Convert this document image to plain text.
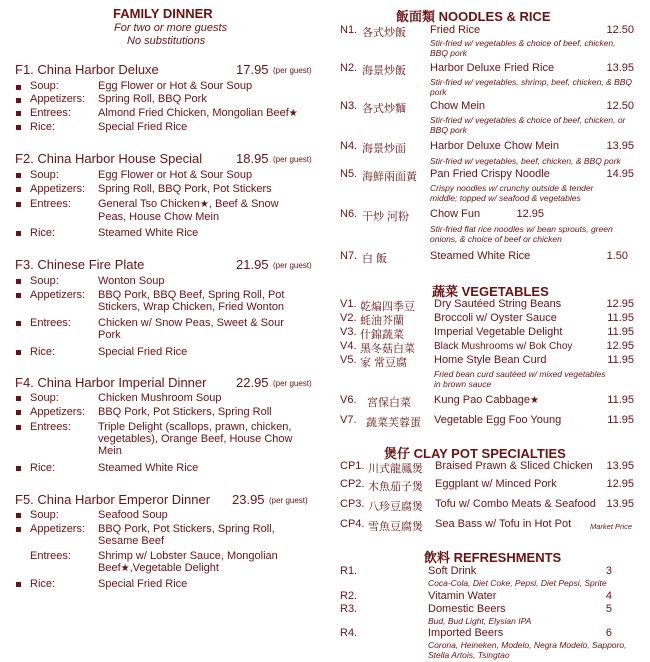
FAMILY DINNER
For two or more guests
No substitutions
F1. China Harbor Deluxe	17.95 (per guest)
Soup:	Egg Flower or Hot & Sour Soup
Appetizers: Spring Roll, BBQ Pork
Entrees: Almond Fried Chicken, Mongolian Beef★
Rice:	Special Fried Rice
F2. China Harbor House Special	18.95 (per guest)
Soup:	Egg Flower or Hot & Sour Soup
Appetizers: Spring Roll, BBQ Pork, Pot Stickers
Entrees: General Tso Chicken★, Beef & Snow Peas, House Chow Mein
Rice:	Steamed White Rice
F3. Chinese Fire Plate	21.95 (per guest)
Soup:	Wonton Soup
Appetizers: BBQ Pork, BBQ Beef, Spring Roll, Pot Stickers, Wrap Chicken, Fried Wonton
Entrees: Chicken w/ Snow Peas, Sweet & Sour Pork
Rice:	Special Fried Rice
F4. China Harbor Imperial Dinner 22.95 (per guest)
Soup:	Chicken Mushroom Soup
Appetizers: BBQ Pork, Pot Stickers, Spring Roll
Entrees: Triple Delight (scallops, prawn, chicken, vegetables), Orange Beef, House Chow Mein
Rice:	Steamed White Rice
F5. China Harbor Emperor Dinner 23.95 (per guest)
Soup:	Seafood Soup
Appetizers: BBQ Pork, Pot Stickers, Spring Roll, Sesame Beef
Entrees: Shrimp w/ Lobster Sauce, Mongolian Beef★,Vegetable Delight
Rice:	Special Fried Rice
飯面類 NOODLES & RICE
N1. 各式炒飯 Fried Rice	12.50
Stir-fried w/ vegetables & choice of beef, chicken, BBQ pork
N2. 海景炒飯 Harbor Deluxe Fried Rice	13.95
Stir-fried w/ vegetables, shrimp, beef, chicken, & BBQ pork
N3. 各式炒麵 Chow Mein	12.50
Stir-fried w/ vegetables & choice of beef, chicken, or BBQ pork
N4. 海景炒面 Harbor Deluxe Chow Mein	13.95
Stir-fried w/ vegetables, beef, chicken, & BBQ pork
N5. 海鮮兩面黃 Pan Fried Crispy Noodle	14.95
Crispy noodles w/ crunchy outside & tender middle; topped w/ seafood & vegetables
N6. 干炒 河粉 Chow Fun	12.95
Stir-fried flat rice noodles w/ bean sprouts, green onions, & choice of beef or chicken
N7. 白 飯	Steamed White Rice	1.50
蔬菜 VEGETABLES
V1. 乾煸四季豆 Dry Sautéed String Beans	12.95
V2. 蚝油芥蘭	Broccoli w/ Oyster Sauce	11.95
V3. 什錦蔬菜	Imperial Vegetable Delight	11.95
V4. 黑冬菇白菜 Black Mushrooms w/ Bok Choy	12.95
V5. 家 常豆腐 Home Style Bean Curd	11.95
Fried bean curd sautéed w/ mixed vegetables in brown sauce
V6. 宮保白菜 Kung Pao Cabbage★	11.95
V7. 蔬菜芙蓉蛋 Vegetable Egg Foo Young	11.95
煲仔 CLAY POT SPECIALTIES
CP1. 川式龍鳳煲 Braised Prawn & Sliced Chicken	13.95
CP2. 木魚茄子煲 Eggplant w/ Minced Pork	12.95
CP3. 八珍豆腐煲 Tofu w/ Combo Meats & Seafood 13.95
CP4. 雪魚豆腐煲 Sea Bass w/ Tofu in Hot Pot	Market Price
飲料 REFRESHMENTS
R1.	Soft Drink	3
Coca-Cola, Diet Coke, Pepsi, Diet Pepsi, Sprite
R2.	Vitamin Water	4
R3.	Domestic Beers	5
Bud, Bud Light, Elysian IPA
R4.	Imported Beers	6
Corona, Heineken, Modelo, Negra Modelo, Sapporo, Stella Artois, Tsingtao
